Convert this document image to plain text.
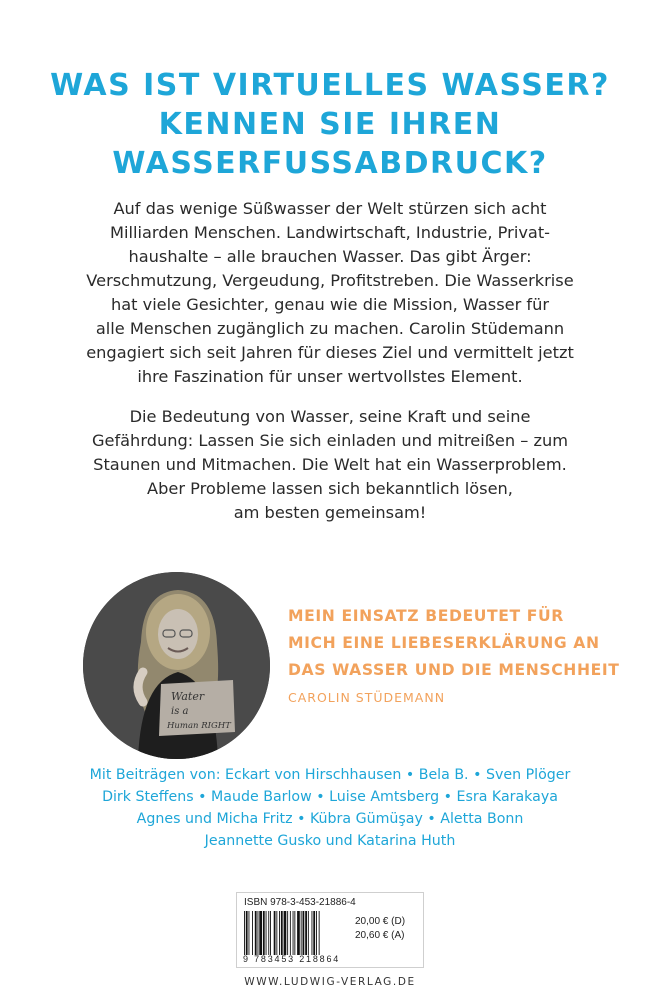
WAS IST VIRTUELLES WASSER?
KENNEN SIE IHREN
WASSERFUSSABDRUCK?
Auf das wenige Süßwasser der Welt stürzen sich acht
Milliarden Menschen. Landwirtschaft, Industrie, Privat-
haushalte – alle brauchen Wasser. Das gibt Ärger:
Verschmutzung, Vergeudung, Profitstreben. Die Wasserkrise
hat viele Gesichter, genau wie die Mission, Wasser für
alle Menschen zugänglich zu machen. Carolin Stüdemann
engagiert sich seit Jahren für dieses Ziel und vermittelt jetzt
ihre Faszination für unser wertvollstes Element.
Die Bedeutung von Wasser, seine Kraft und seine
Gefährdung: Lassen Sie sich einladen und mitreißen – zum
Staunen und Mitmachen. Die Welt hat ein Wasserproblem.
Aber Probleme lassen sich bekanntlich lösen,
am besten gemeinsam!
Water
is a
Human RIGHT
MEIN EINSATZ BEDEUTET FÜR
MICH EINE LIEBESERKLÄRUNG AN
DAS WASSER UND DIE MENSCHHEIT
CAROLIN STÜDEMANN
Mit Beiträgen von: Eckart von Hirschhausen • Bela B. • Sven Plöger
Dirk Steffens • Maude Barlow • Luise Amtsberg • Esra Karakaya
Agnes und Micha Fritz • Kübra Gümüşay • Aletta Bonn
Jeannette Gusko und Katarina Huth
ISBN 978-3-453-21886-4
9 783453 218864
20,00 € (D)
20,60 € (A)
WWW.LUDWIG-VERLAG.DE
